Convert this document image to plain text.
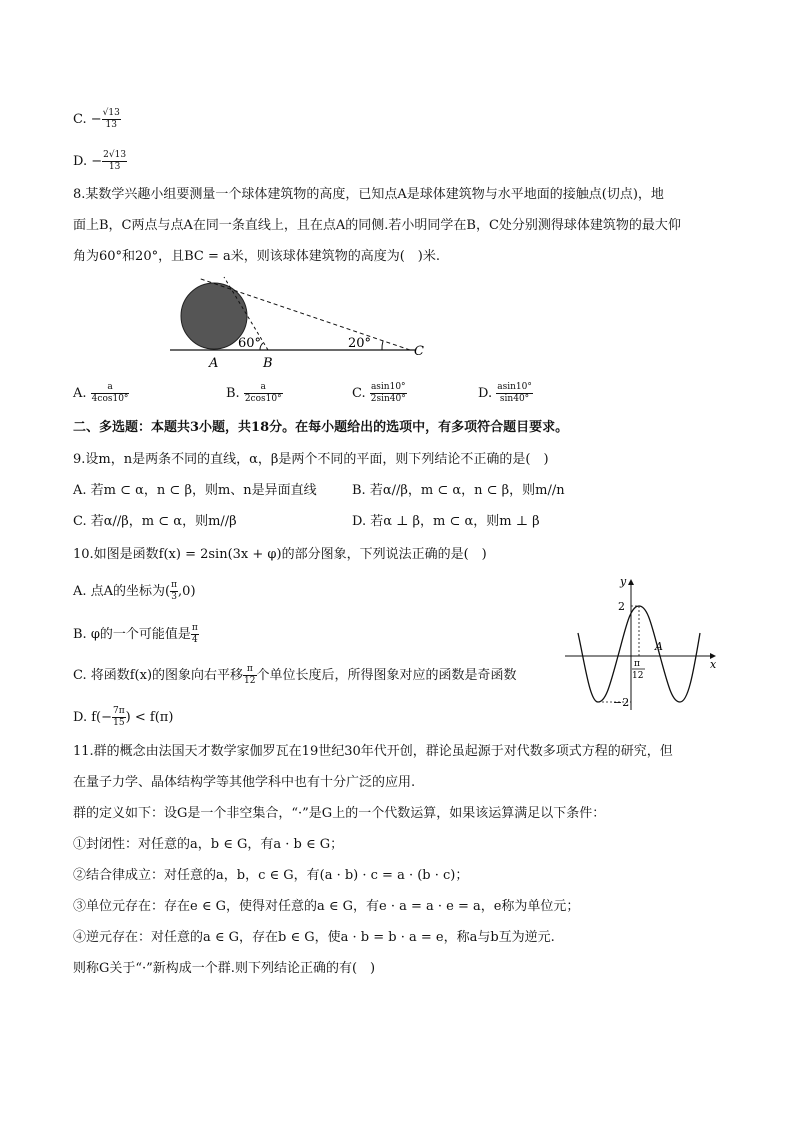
C. − $\frac{√13}{13}$
D. − $\frac{2√13}{13}$
8.某数学兴趣小组要测量一个球体建筑物的高度，已知点A是球体建筑物与水平地面的接触点(切点)，地
面上B，C两点与点A在同一条直线上，且在点A的同侧.若小明同学在B，C处分别测得球体建筑物的最大仰
角为60°和20°，且BC = a米，则该球体建筑物的高度为(　)米.
60°	20°
A	B
C
A. $\frac{a}{4\cos 10^\circ}$	B. $\frac{a}{2\cos 10^\circ}$	C. $\frac{asin10^\circ}{2\sin 40^\circ}$	D. $\frac{asin10^\circ}{\sin 40^\circ}$
二、多选题：本题共3小题，共18分。在每小题给出的选项中，有多项符合题目要求。
9.设m，n是两条不同的直线，α，β是两个不同的平面，则下列结论不正确的是(　)
A. 若m ⊂ α，n ⊂ β，则m、n是异面直线	B. 若α//β，m ⊂ α，n ⊂ β，则m//n
C. 若α//β，m ⊂ α，则m//β	D. 若α ⊥ β，m ⊂ α，则m ⊥ β
10.如图是函数f(x) = 2sin(3x + φ)的部分图象，下列说法正确的是(　)
A. 点A的坐标为( $\frac{\pi}{3} ,0$)
B. φ的一个可能值是 $\frac{\pi}{4}$
C. 将函数f(x)的图象向右平移 $\frac{\pi}{12}$ 个单位长度后，所得图象对应的函数是奇函数
D. $f(- \frac{7\pi}{15}$ ) < f(π)
y
x
2
−2
A
π
12
11.群的概念由法国天才数学家伽罗瓦在19世纪30年代开创，群论虽起源于对代数多项式方程的研究，但
在量子力学、晶体结构学等其他学科中也有十分广泛的应用.
群的定义如下：设G是一个非空集合，“·”是G上的一个代数运算，如果该运算满足以下条件：
①封闭性：对任意的a，b ∈ G，有a · b ∈ G；
②结合律成立：对任意的a，b，c ∈ G，有(a · b) · c = a · (b · c)；
③单位元存在：存在e ∈ G，使得对任意的a ∈ G，有e · a = a · e = a，e称为单位元；
④逆元存在：对任意的a ∈ G，存在b ∈ G，使a · b = b · a = e，称a与b互为逆元.
则称G关于“·”新构成一个群.则下列结论正确的有(　)
